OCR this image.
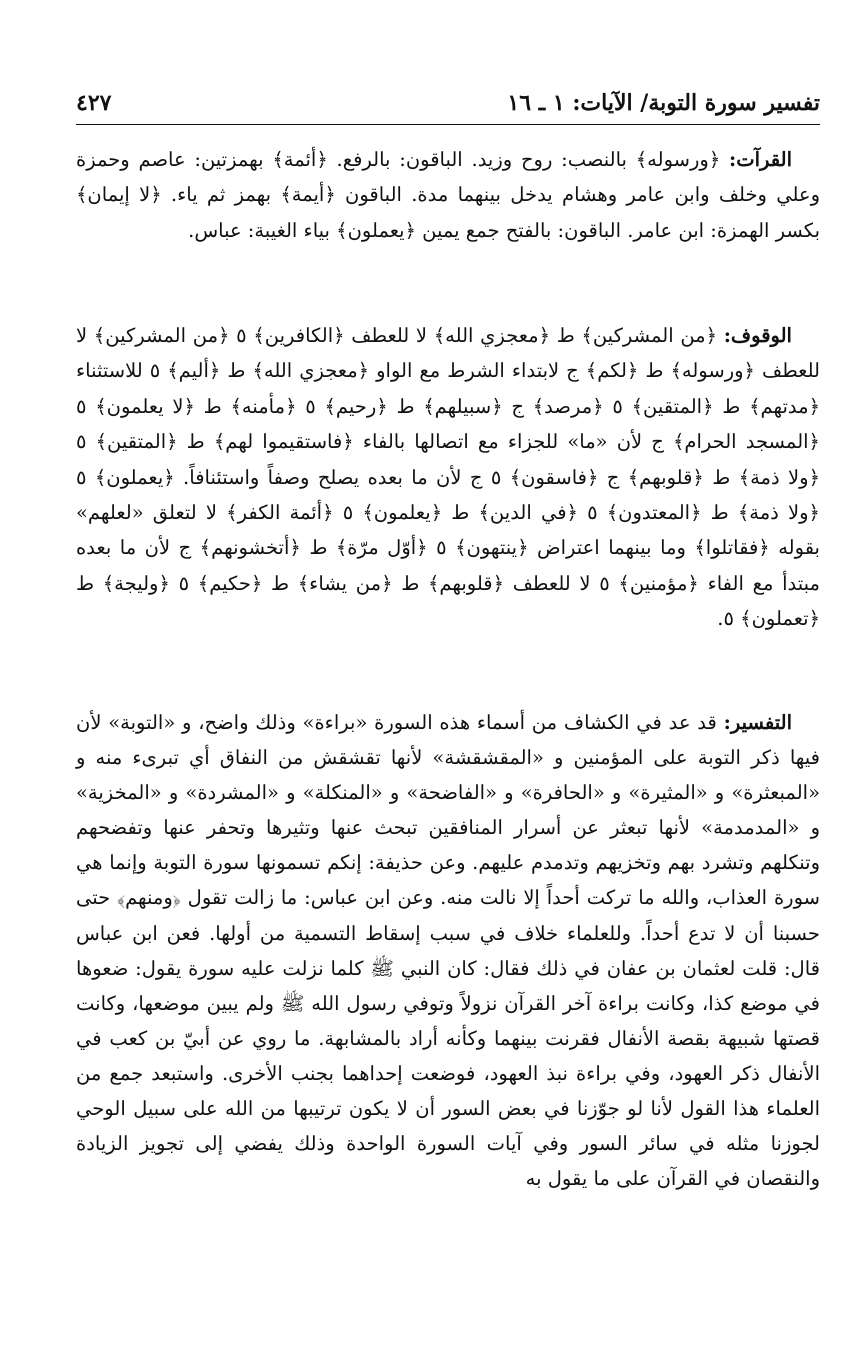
تفسير سورة التوبة/ الآيات: ١ ـ ١٦
٤٢٧

القرآت: ﴿ورسوله﴾ بالنصب: روح وزيد. الباقون: بالرفع. ﴿أئمة﴾ بهمزتين: عاصم وحمزة وعلي وخلف وابن عامر وهشام يدخل بينهما مدة. الباقون ﴿أيمة﴾ بهمز ثم ياء. ﴿لا إيمان﴾ بكسر الهمزة: ابن عامر. الباقون: بالفتح جمع يمين ﴿يعملون﴾ بياء الغيبة: عباس.

الوقوف: ﴿من المشركين﴾ ط ﴿معجزي الله﴾ لا للعطف ﴿الكافرين﴾ ٥ ﴿من المشركين﴾ لا للعطف ﴿ورسوله﴾ ط ﴿لكم﴾ ج لابتداء الشرط مع الواو ﴿معجزي الله﴾ ط ﴿أليم﴾ ٥ للاستثناء ﴿مدتهم﴾ ط ﴿المتقين﴾ ٥ ﴿مرصد﴾ ج ﴿سبيلهم﴾ ط ﴿رحيم﴾ ٥ ﴿مأمنه﴾ ط ﴿لا يعلمون﴾ ٥ ﴿المسجد الحرام﴾ ج لأن «ما» للجزاء مع اتصالها بالفاء ﴿فاستقيموا لهم﴾ ط ﴿المتقين﴾ ٥ ﴿ولا ذمة﴾ ط ﴿قلوبهم﴾ ج ﴿فاسقون﴾ ٥ ج لأن ما بعده يصلح وصفاً واستئنافاً. ﴿يعملون﴾ ٥ ﴿ولا ذمة﴾ ط ﴿المعتدون﴾ ٥ ﴿في الدين﴾ ط ﴿يعلمون﴾ ٥ ﴿أئمة الكفر﴾ لا لتعلق «لعلهم» بقوله ﴿فقاتلوا﴾ وما بينهما اعتراض ﴿ينتهون﴾ ٥ ﴿أوّل مرّة﴾ ط ﴿أتخشونهم﴾ ج لأن ما بعده مبتدأ مع الفاء ﴿مؤمنين﴾ ٥ لا للعطف ﴿قلوبهم﴾ ط ﴿من يشاء﴾ ط ﴿حكيم﴾ ٥ ﴿وليجة﴾ ط ﴿تعملون﴾ ٥.

التفسير: قد عد في الكشاف من أسماء هذه السورة «براءة» وذلك واضح، و «التوبة» لأن فيها ذكر التوبة على المؤمنين و «المقشقشة» لأنها تقشقش من النفاق أي تبرىء منه و «المبعثرة» و «المثيرة» و «الحافرة» و «الفاضحة» و «المنكلة» و «المشردة» و «المخزية» و «المدمدمة» لأنها تبعثر عن أسرار المنافقين تبحث عنها وتثيرها وتحفر عنها وتفضحهم وتنكلهم وتشرد بهم وتخزيهم وتدمدم عليهم. وعن حذيفة: إنكم تسمونها سورة التوبة وإنما هي سورة العذاب، والله ما تركت أحداً إلا نالت منه. وعن ابن عباس: ما زالت تقول ﴿ومنهم﴾ حتى حسبنا أن لا تدع أحداً. وللعلماء خلاف في سبب إسقاط التسمية من أولها. فعن ابن عباس قال: قلت لعثمان بن عفان في ذلك فقال: كان النبي ﷺ كلما نزلت عليه سورة يقول: ضعوها في موضع كذا، وكانت براءة آخر القرآن نزولاً وتوفي رسول الله ﷺ ولم يبين موضعها، وكانت قصتها شبيهة بقصة الأنفال فقرنت بينهما وكأنه أراد بالمشابهة. ما روي عن أبيّ بن كعب في الأنفال ذكر العهود، وفي براءة نبذ العهود، فوضعت إحداهما بجنب الأخرى. واستبعد جمع من العلماء هذا القول لأنا لو جوّزنا في بعض السور أن لا يكون ترتيبها من الله على سبيل الوحي لجوزنا مثله في سائر السور وفي آيات السورة الواحدة وذلك يفضي إلى تجويز الزيادة والنقصان في القرآن على ما يقول به
